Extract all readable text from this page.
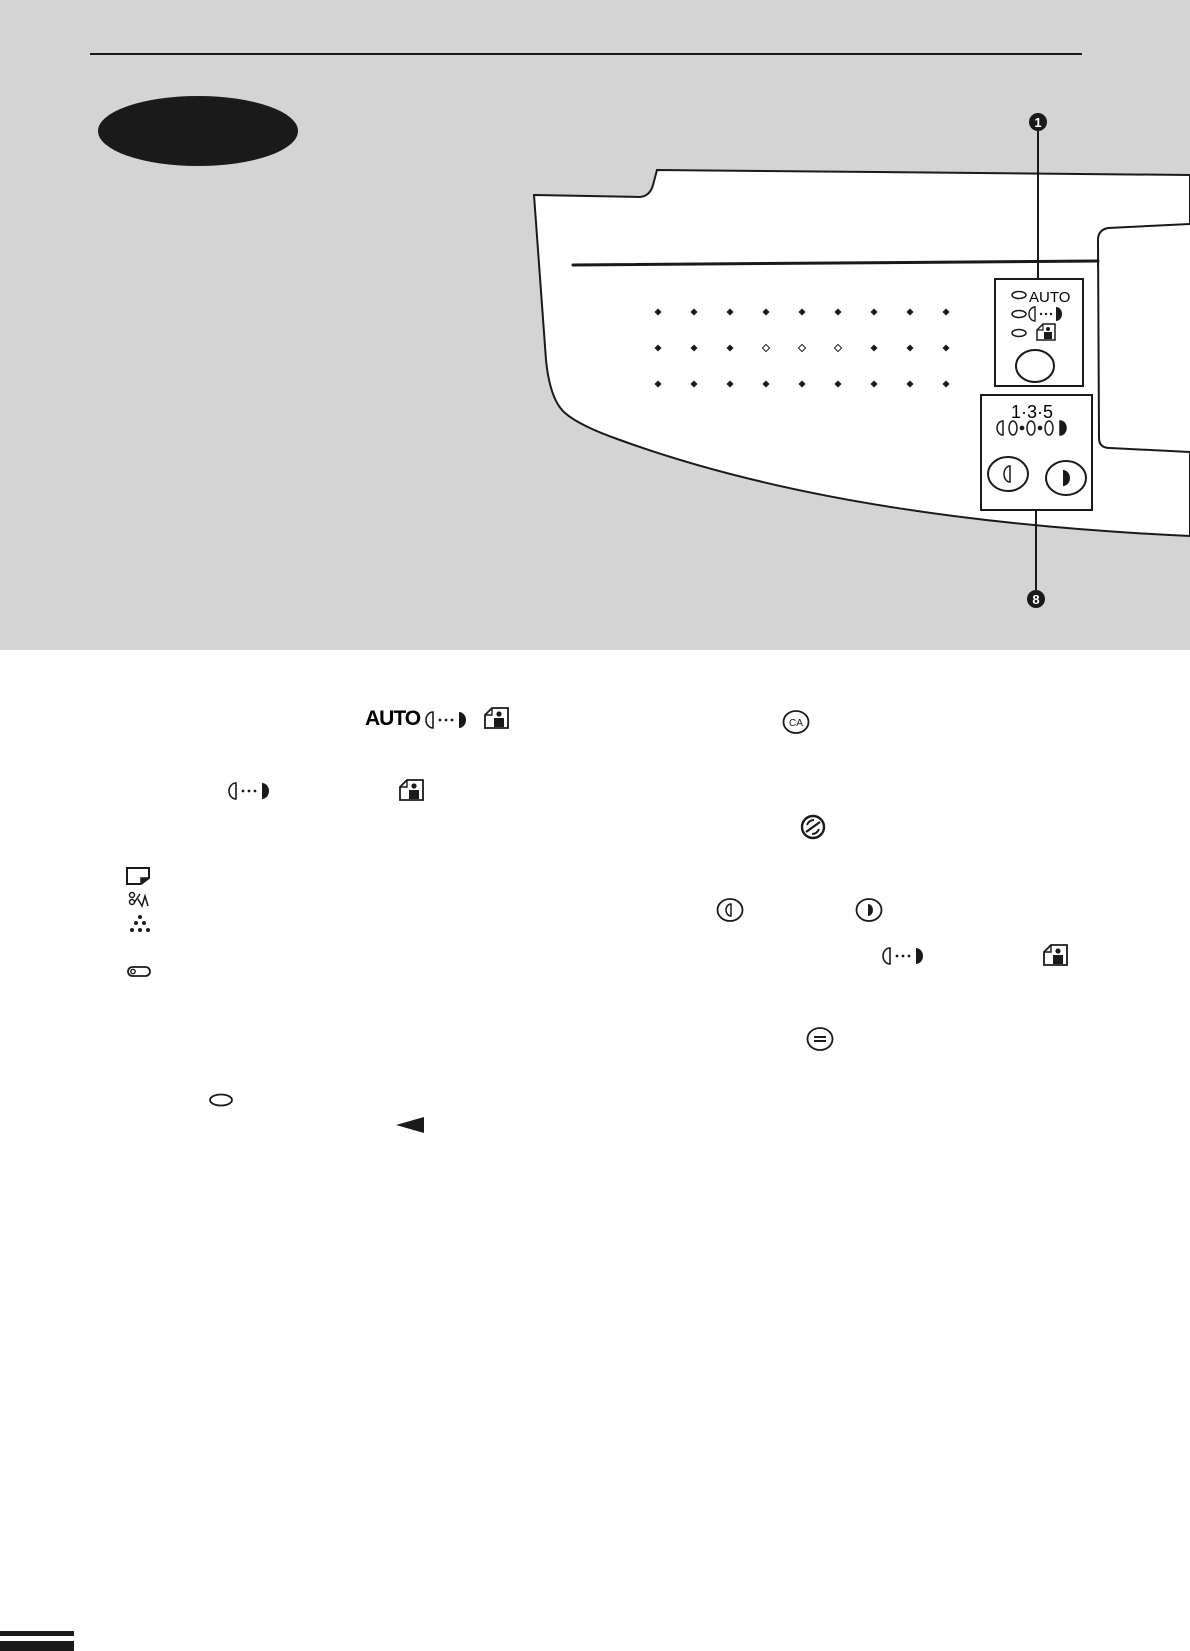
AUTO
1·3·5
1
8
AUTO	CA
